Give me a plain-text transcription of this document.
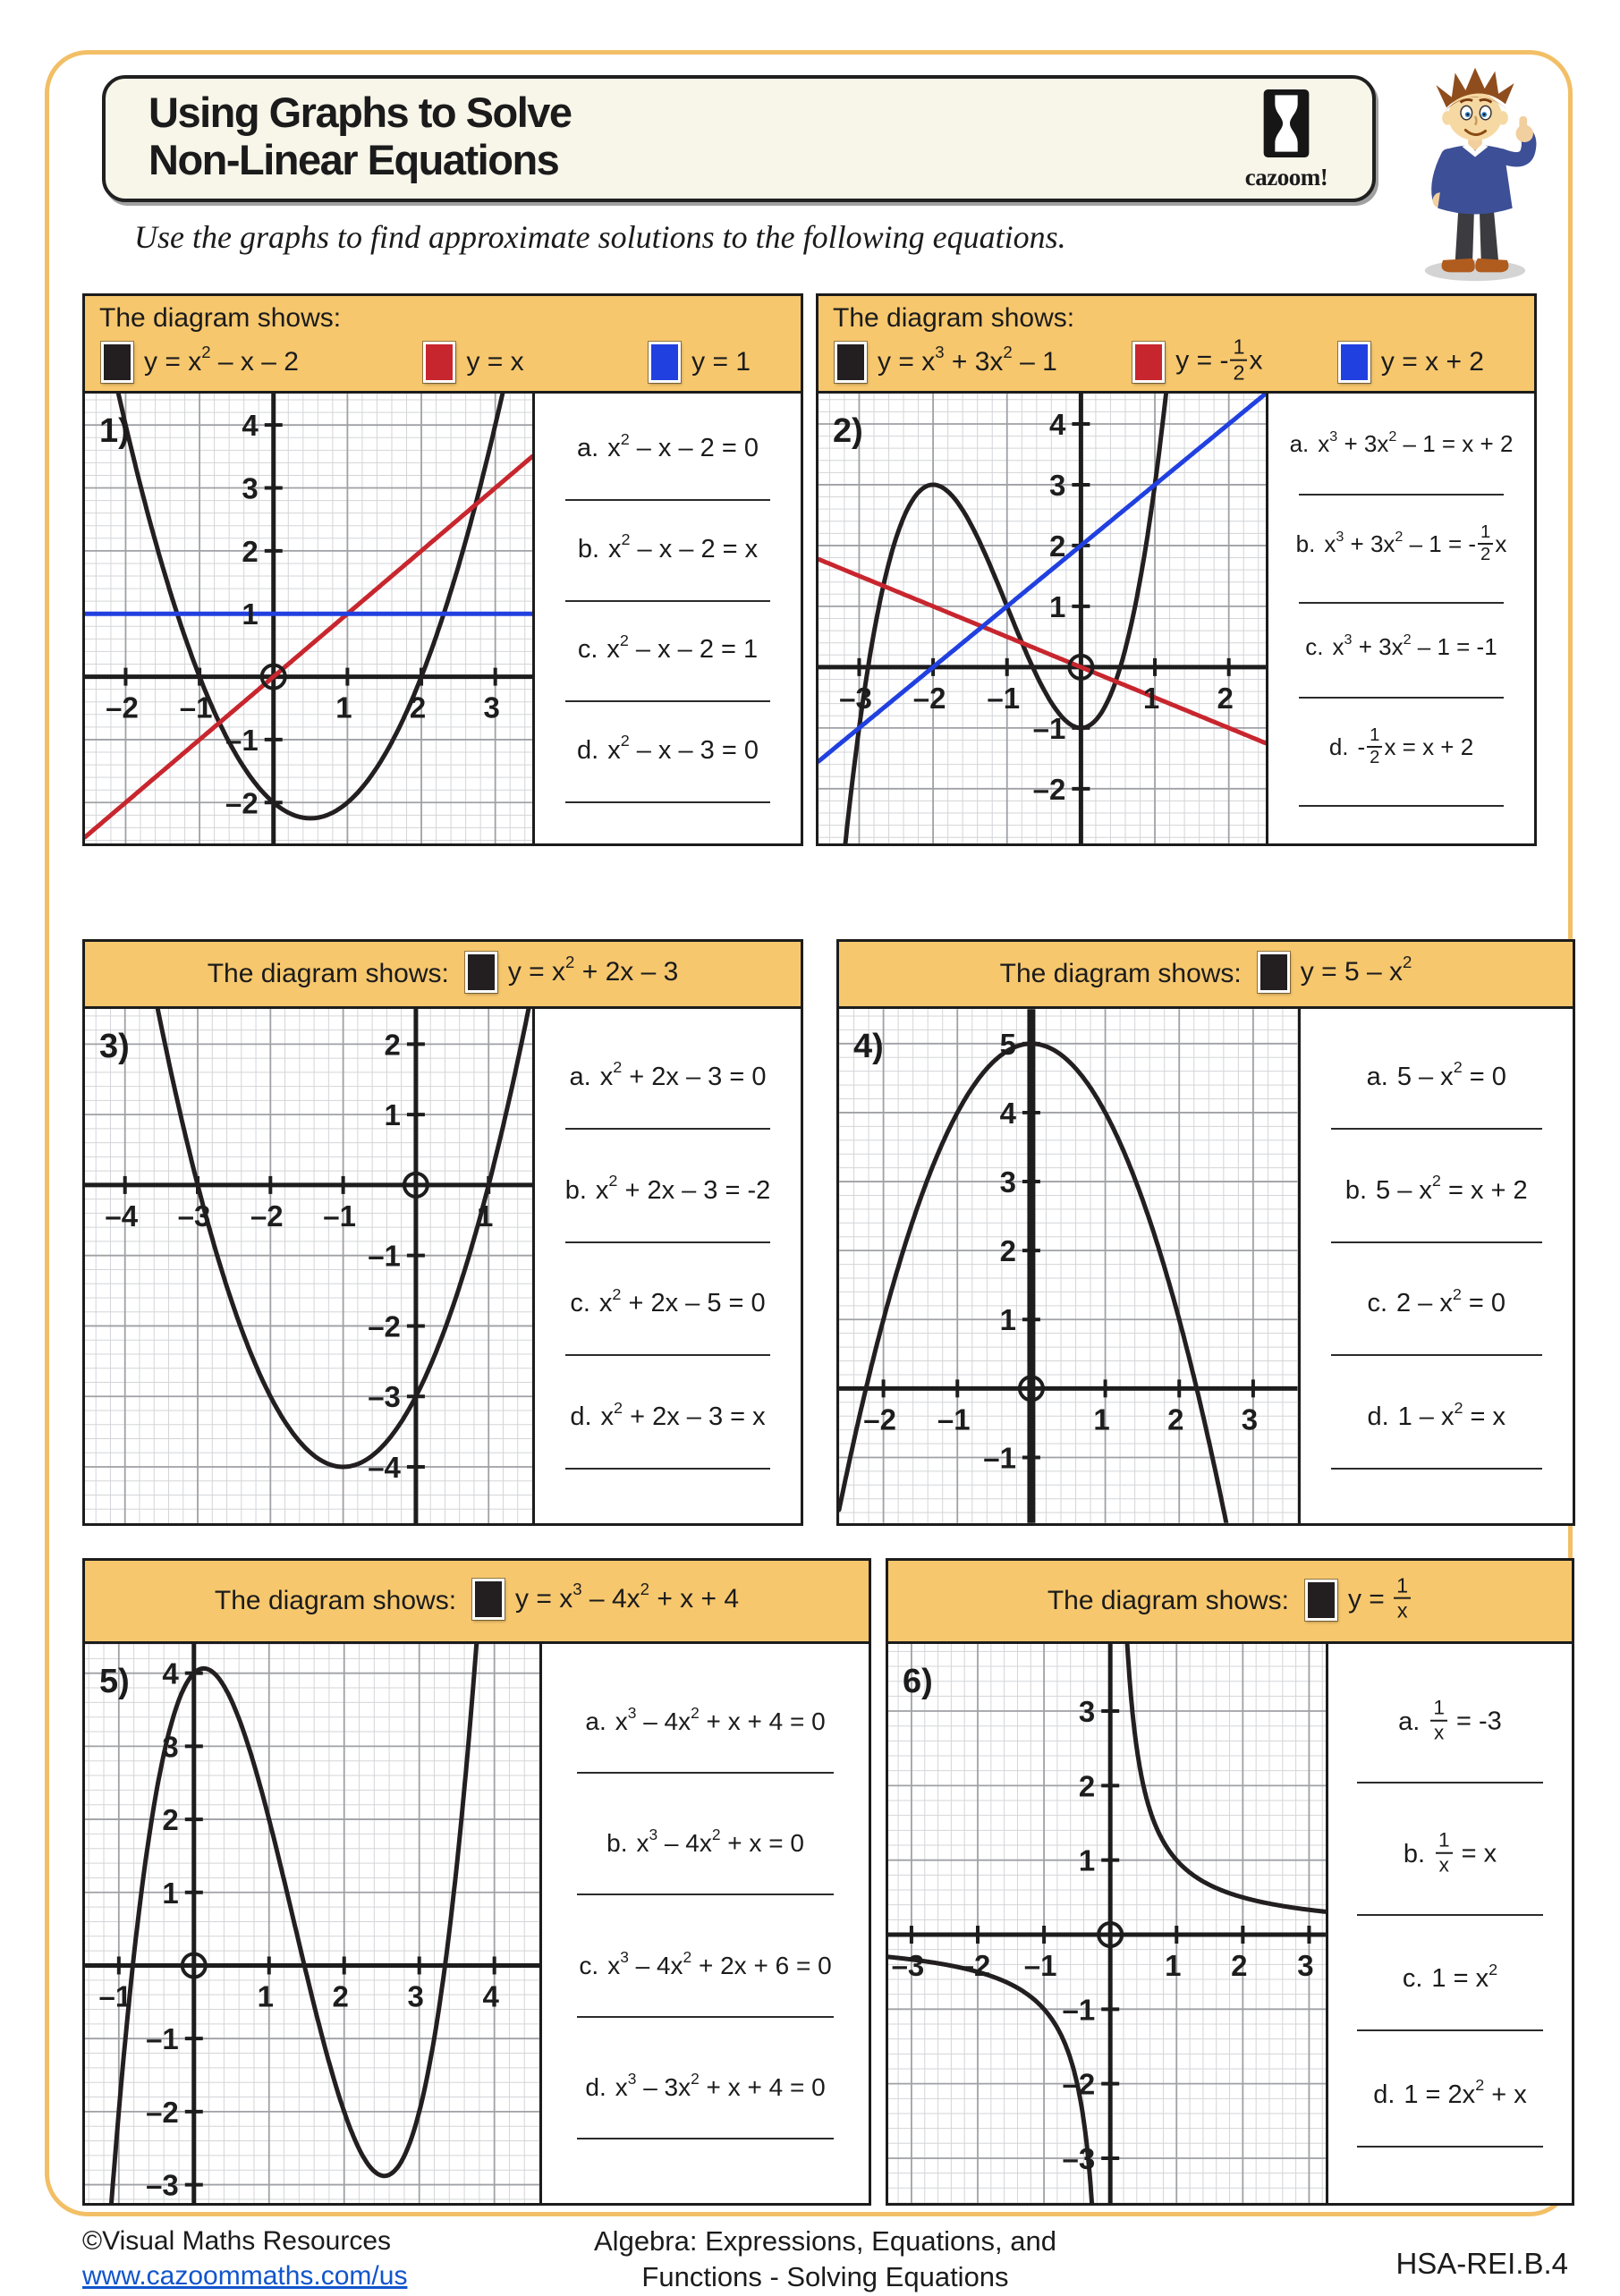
Using Graphs to Solve
Non-Linear Equations	cazoom!
Use the graphs to find approximate solutions to the following equations.
The diagram shows:
$y = x^2 - x - 2$	y = x	y = 1
–2 –1	1 2 3
–2
–1
1
2
3
4
1)	a. $x^2 - x - 2 = 0$
b. $x^2 - x - 2 = x$
c. $x^2 - x - 2 = 1$
d. $x^2 - x - 3 = 0$
The diagram shows:
$y = x^3 + 3x^2 - 1$	y = - $\frac{1}{2}$ x	y = x + 2
–3 –2 –1	1 2
–2
–1
1
2
3
4
2)	a. $x^3 + 3x^2 - 1 = x + 2$
b. $x^3 + 3x^2 - 1$ = - $\frac{1}{2}$ x
c. $x^3 + 3x^2 - 1 = -1$
d. - $\frac{1}{2}$ x = x + 2
The diagram shows: $y = x^2 + 2x - 3$
–4 –3 –2 –1	1
–4
–3
–2
–1
1
2
3)
a. $x^2 + 2x - 3 = 0$
b. $x^2 + 2x - 3 = -2$
c. $x^2 + 2x - 5 = 0$
d. $x^2 + 2x - 3 = x$
The diagram shows: $y = 5 - x^2$
–2 –1	1 2 3
–1
1
2
3
4
5
4)
a. $5 - x^2 = 0$
b. $5 - x^2 = x + 2$
c. $2 - x^2 = 0$
d. $1 - x^2 = x$
The diagram shows: $y = x^3 - 4x^2 + x + 4$
–1	1 2 3 4
–3
–2
–1
1
2
3
4
5)
a. $x^3 - 4x^2 + x + 4 = 0$
b. $x^3 - 4x^2 + x = 0$
c. $x^3 - 4x^2 + 2x + 6 = 0$
d. $x^3 - 3x^2 + x + 4 = 0$
The diagram shows: $y = \frac{1}{x}$
–3 –2 –1	1 2 3
–3
–2
–1
1
2
3
6)
a. $\frac{1}{x} = -3$
b. $\frac{1}{x} = x$
c. $1 = x^2$
d. $1 = 2x^2 + x$
©Visual Maths Resources
www.cazoommaths.com/us
Algebra: Expressions, Equations, and
Functions - Solving Equations	HSA-REI.B.4
